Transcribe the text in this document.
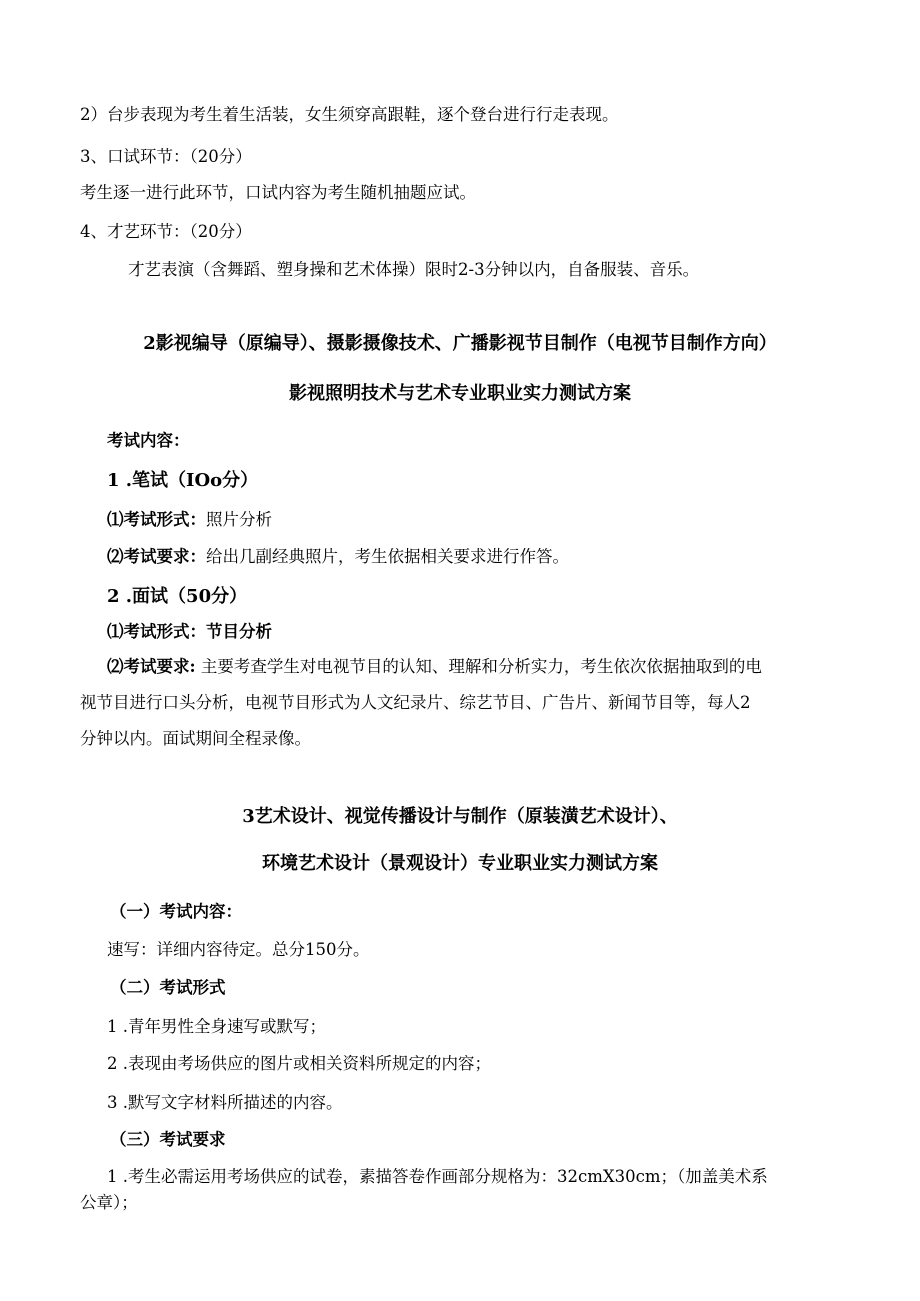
2）台步表现为考生着生活装，女生须穿高跟鞋，逐个登台进行行走表现。
3、口试环节：（20分）
考生逐一进行此环节，口试内容为考生随机抽题应试。
4、才艺环节：（20分）
才艺表演（含舞蹈、塑身操和艺术体操）限时2-3分钟以内，自备服装、音乐。
2影视编导（原编导）、摄影摄像技术、广播影视节目制作（电视节目制作方向）
影视照明技术与艺术专业职业实力测试方案
考试内容：
1 .笔试（IOo分）
⑴考试形式：照片分析
⑵考试要求：给出几副经典照片，考生依据相关要求进行作答。
2 .面试（50分）
⑴考试形式：节目分析
⑵考试要求: 主要考查学生对电视节目的认知、理解和分析实力，考生依次依据抽取到的电
视节目进行口头分析，电视节目形式为人文纪录片、综艺节目、广告片、新闻节目等，每人2
分钟以内。面试期间全程录像。
3艺术设计、视觉传播设计与制作（原装潢艺术设计）、
环境艺术设计（景观设计）专业职业实力测试方案
（一）考试内容：
速写：详细内容待定。总分150分。
（二）考试形式
1 .青年男性全身速写或默写；
2 .表现由考场供应的图片或相关资料所规定的内容；
3 .默写文字材料所描述的内容。
（三）考试要求
1 .考生必需运用考场供应的试卷，素描答卷作画部分规格为：32cmX30cm；（加盖美术系
公章）；
